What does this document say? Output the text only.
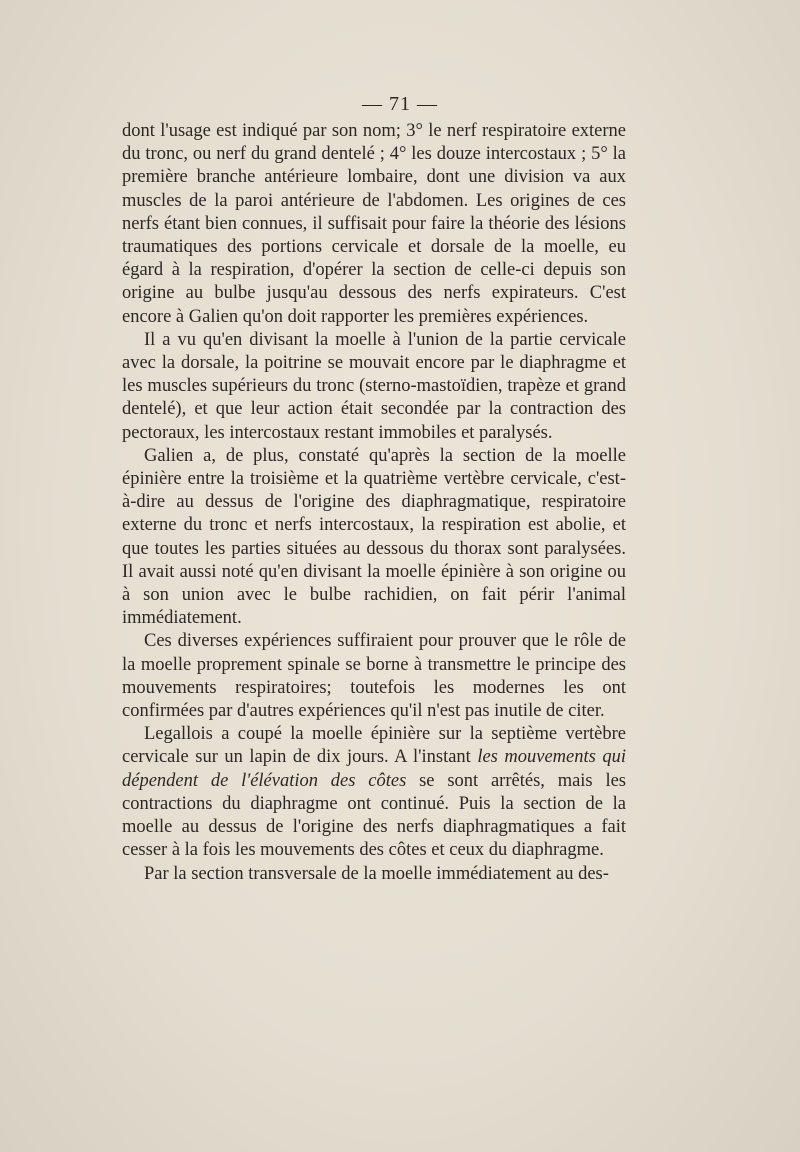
— 71 —

dont l'usage est indiqué par son nom; 3° le nerf respiratoire externe du tronc, ou nerf du grand dentelé ; 4° les douze intercostaux ; 5° la première branche antérieure lombaire, dont une division va aux muscles de la paroi antérieure de l'abdomen. Les origines de ces nerfs étant bien connues, il suffisait pour faire la théorie des lésions traumatiques des portions cervicale et dorsale de la moelle, eu égard à la respiration, d'opérer la section de celle-ci depuis son origine au bulbe jusqu'au dessous des nerfs expirateurs. C'est encore à Galien qu'on doit rapporter les premières expériences.

Il a vu qu'en divisant la moelle à l'union de la partie cervicale avec la dorsale, la poitrine se mouvait encore par le diaphragme et les muscles supérieurs du tronc (sterno-mastoïdien, trapèze et grand dentelé), et que leur action était secondée par la contraction des pectoraux, les intercostaux restant immobiles et paralysés.

Galien a, de plus, constaté qu'après la section de la moelle épinière entre la troisième et la quatrième vertèbre cervicale, c'est-à-dire au dessus de l'origine des diaphragmatique, respiratoire externe du tronc et nerfs intercostaux, la respiration est abolie, et que toutes les parties situées au dessous du thorax sont paralysées. Il avait aussi noté qu'en divisant la moelle épinière à son origine ou à son union avec le bulbe rachidien, on fait périr l'animal immédiatement.

Ces diverses expériences suffiraient pour prouver que le rôle de la moelle proprement spinale se borne à transmettre le principe des mouvements respiratoires; toutefois les modernes les ont confirmées par d'autres expériences qu'il n'est pas inutile de citer.

Legallois a coupé la moelle épinière sur la septième vertèbre cervicale sur un lapin de dix jours. A l'instant les mouvements qui dépendent de l'élévation des côtes se sont arrêtés, mais les contractions du diaphragme ont continué. Puis la section de la moelle au dessus de l'origine des nerfs diaphragmatiques a fait cesser à la fois les mouvements des côtes et ceux du diaphragme.

Par la section transversale de la moelle immédiatement au des-
